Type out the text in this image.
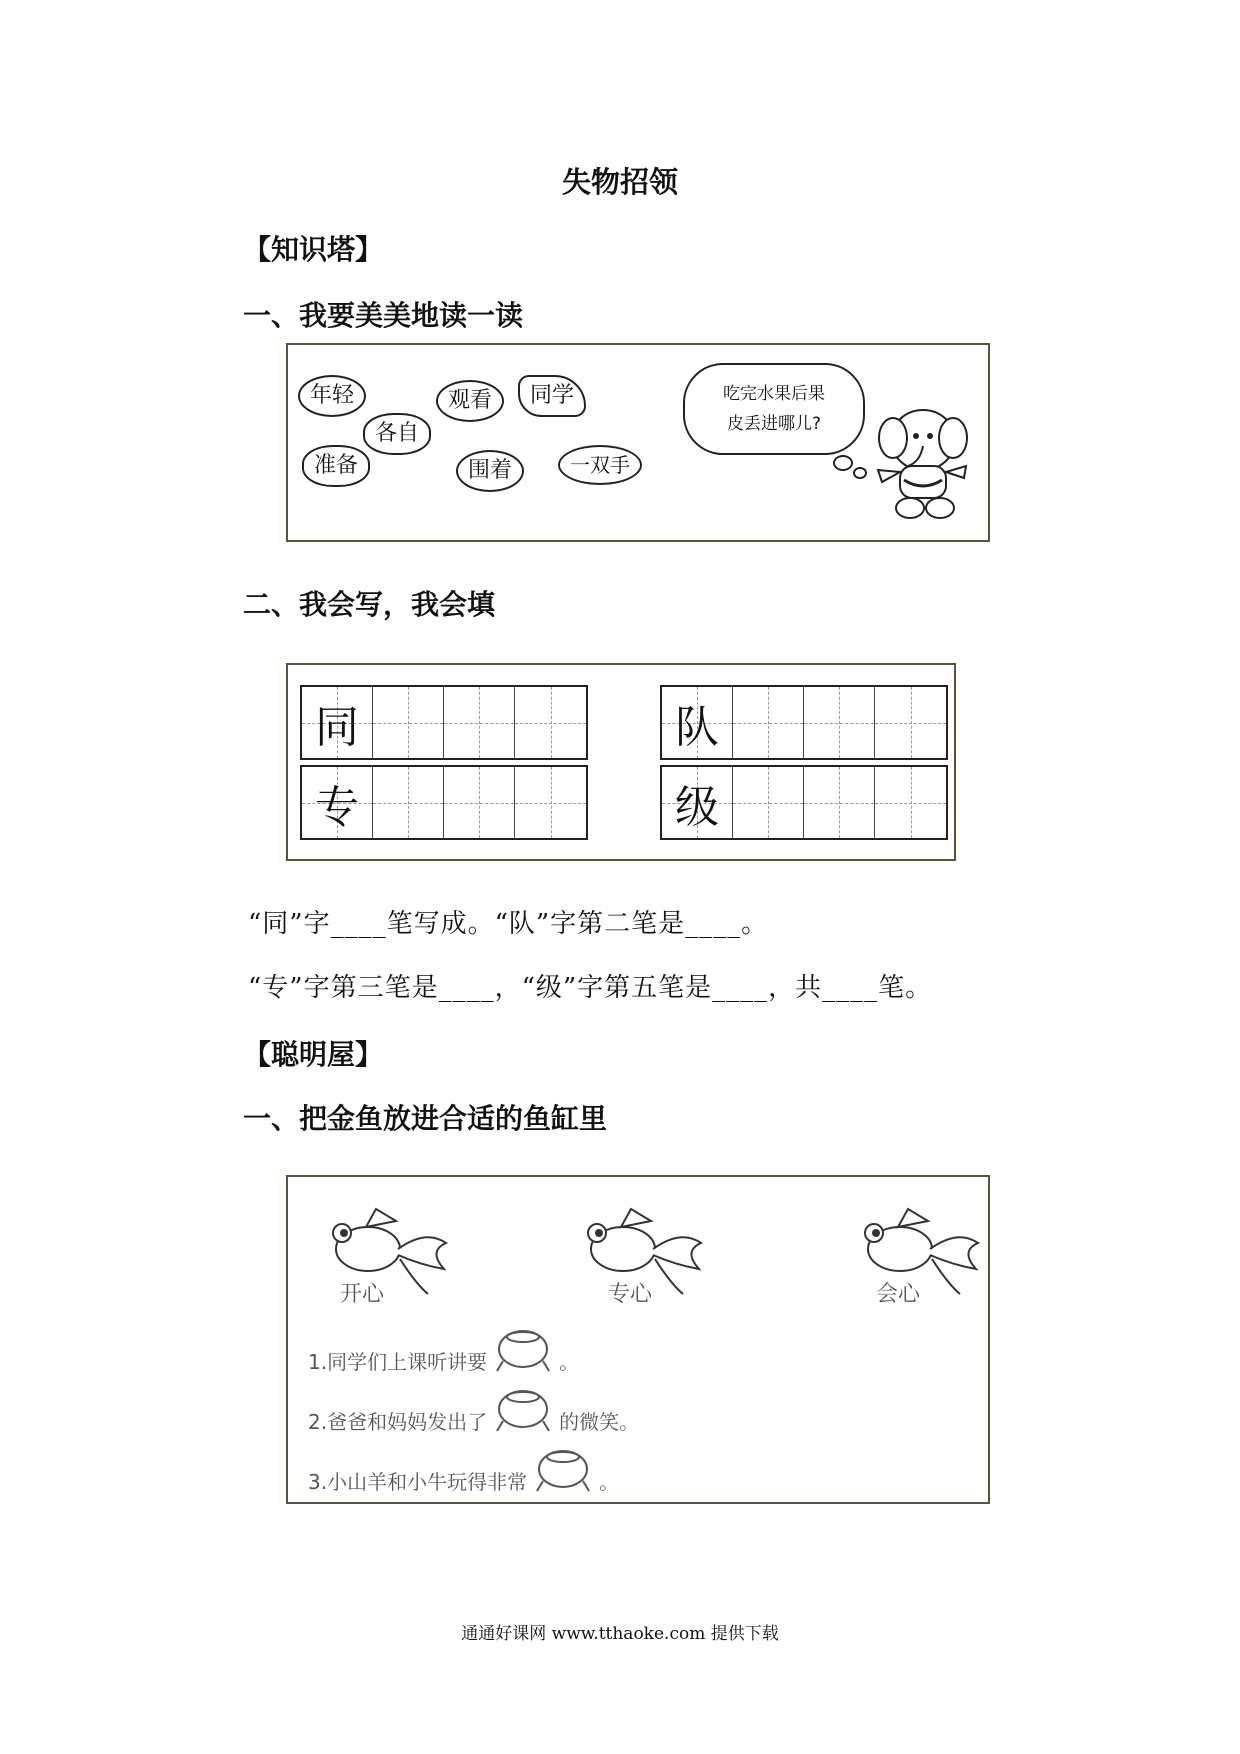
失物招领
【知识塔】
一、我要美美地读一读
年轻
各自
观看	同学
准备	围着	一双手
吃完水果后果
皮丢进哪儿?
二、我会写，我会填
同
专
队
级
“同”字____笔写成。“队”字第二笔是____。
“专”字第三笔是____，“级”字第五笔是____，共____笔。
【聪明屋】
一、把金鱼放进合适的鱼缸里
开心	专心	会心
1.同学们上课听讲要	。
2.爸爸和妈妈发出了	的微笑。
3.小山羊和小牛玩得非常	。
通通好课网 www.tthaoke.com 提供下载
